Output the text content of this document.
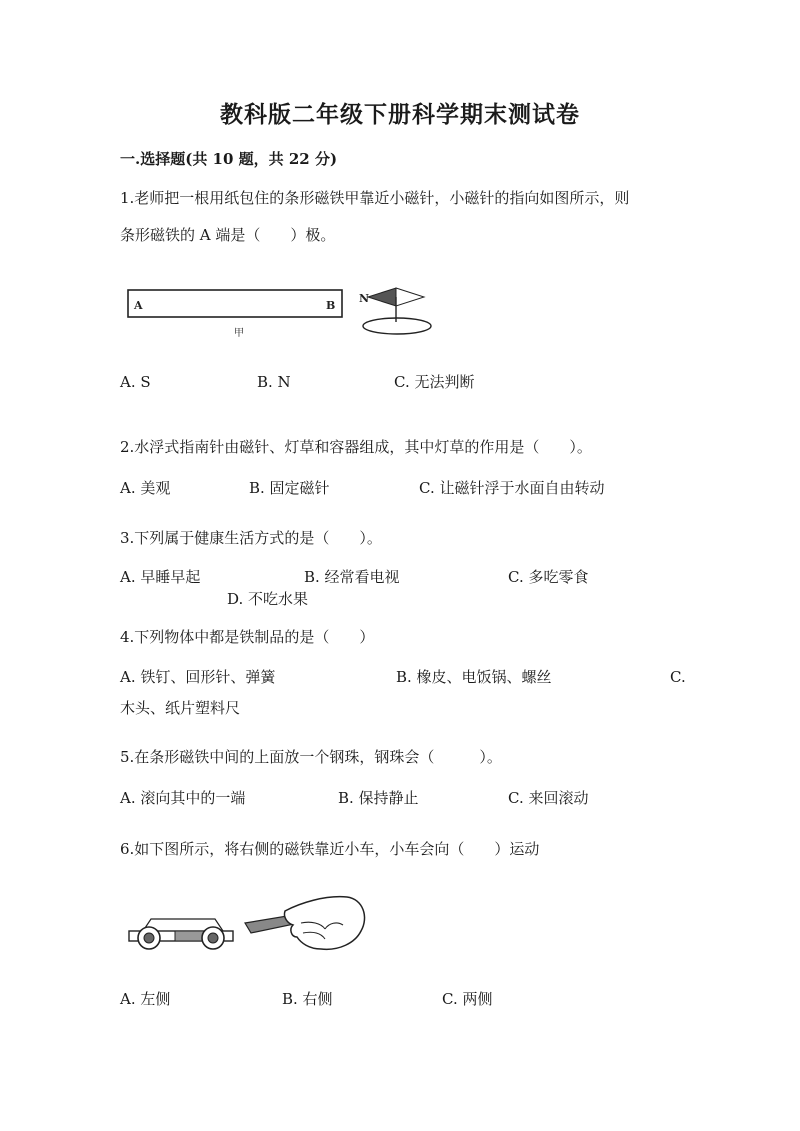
教科版二年级下册科学期末测试卷
一.选择题(共 10 题，共 22 分)
1.老师把一根用纸包住的条形磁铁甲靠近小磁针，小磁针的指向如图所示，则
条形磁铁的 A 端是（　　）极。
A	B
甲
N
A. S	B. N	C. 无法判断
2.水浮式指南针由磁针、灯草和容器组成，其中灯草的作用是（　　）。
A. 美观	B. 固定磁针	C. 让磁针浮于水面自由转动
3.下列属于健康生活方式的是（　　）。
A. 早睡早起	B. 经常看电视	C. 多吃零食
D. 不吃水果
4.下列物体中都是铁制品的是（　　）
A. 铁钉、回形针、弹簧	B. 橡皮、电饭锅、螺丝	C.
木头、纸片塑料尺
5.在条形磁铁中间的上面放一个钢珠，钢珠会（　　　）。
A. 滚向其中的一端	B. 保持静止	C. 来回滚动
6.如下图所示，将右侧的磁铁靠近小车，小车会向（　　）运动
A. 左侧	B. 右侧	C. 两侧
